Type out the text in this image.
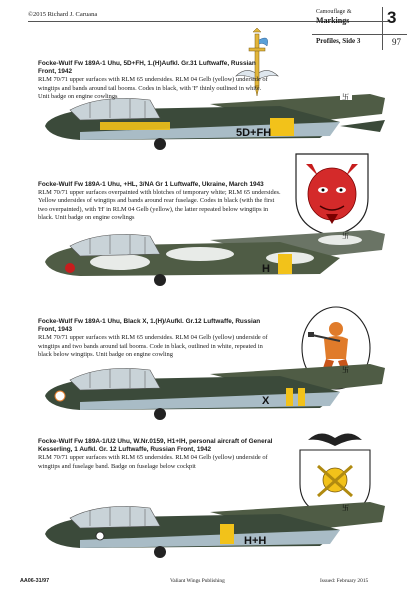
©2015 Richard J. Caruana	Camouflage &
Markings 3
Profiles, Side 3	97
卐
5D+FH
Focke-Wulf Fw 189A-1 Uhu, 5D+FH, 1.(H)Aufkl. Gr.31 Luftwaffe, Russian Front, 1942
RLM 70/71 upper surfaces with RLM 65 undersides. RLM 04 Gelb (yellow) underside of wingtips and bands around tail booms. Codes in black, with 'F' thinly outlined in white. Unit badge on engine cowlings
Focke-Wulf Fw 189A-1 Uhu, +HL, 3/NA Gr 1 Luftwaffe, Ukraine, March 1943
RLM 70/71 upper surfaces overpainted with blotches of temporary white; RLM 65 undersides. Yellow undersides of wingtips and bands around rear fuselage. Codes in black (with the first two overpainted), with 'H' in RLM 04 Gelb (yellow), the latter repeated below wingtips in black. Unit badge on engine cowlings
H
卐
Focke-Wulf Fw 189A-1 Uhu, Black X, 1.(H)/Aufkl. Gr.12 Luftwaffe, Russian Front, 1943
RLM 70/71 upper surfaces with RLM 65 undersides. RLM 04 Gelb (yellow) underside of wingtips and two bands around tail booms. Code in black, outlined in white, repeated in black below wingtips. Unit badge on engine cowling
X
卐
Focke-Wulf Fw 189A-1/U2 Uhu, W.Nr.0159, H1+IH, personal aircraft of General Kesserling, 1 Aufkl. Gr. 12 Luftwaffe, Russian Front, 1942
RLM 70/71 upper surfaces with RLM 65 undersides. RLM 04 Gelb (yellow) underside of wingtips and fuselage band. Badge on fuselage below cockpit
H+H
卐
AA06-31/97	Valiant Wings Publishing	Issued: February 2015
